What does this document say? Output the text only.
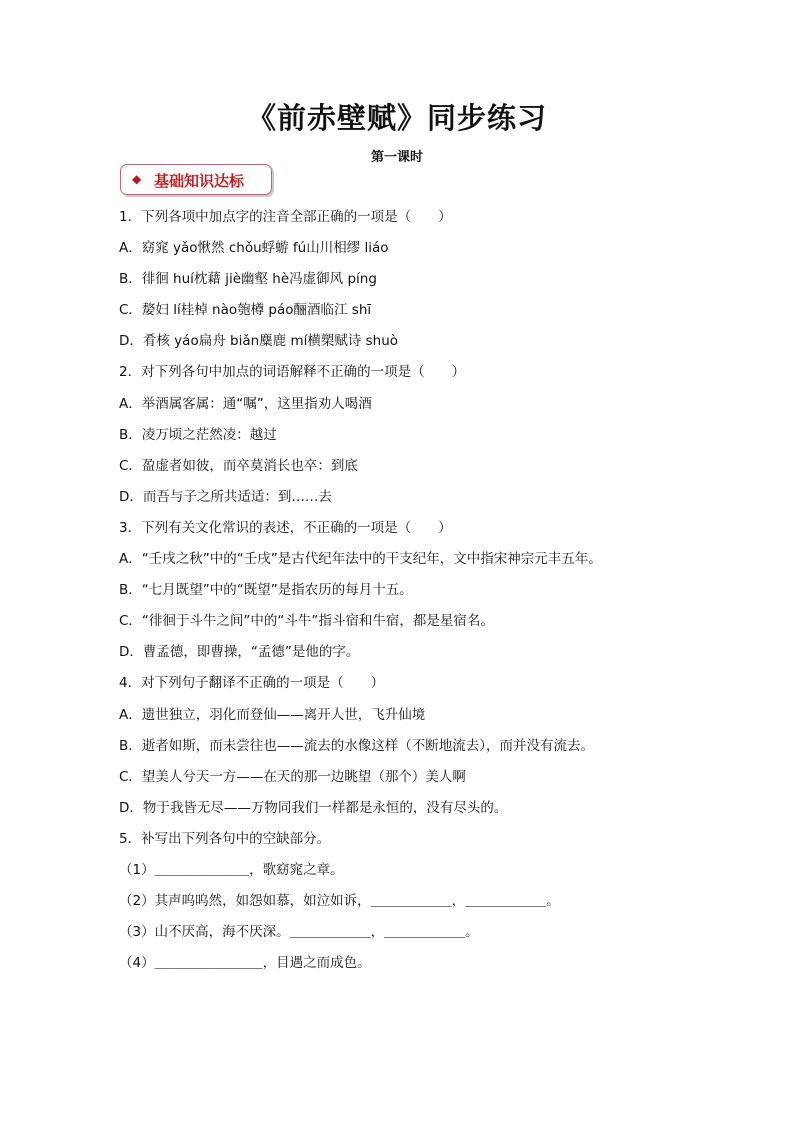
《前赤壁赋》同步练习
第一课时
◆ 基础知识达标
1．下列各项中加点字的注音全部正确的一项是（　　）
A．窈窕 yǎo愀然 chǒu蜉蝣 fú山川相缪 liáo
B．徘徊 huí枕藉 jiè幽壑 hè冯虚御风 píng
C．嫠妇 lí桂棹 nào匏樽 páo酾酒临江 shī
D．肴核 yáo扁舟 biǎn麋鹿 mí横槊赋诗 shuò
2．对下列各句中加点的词语解释不正确的一项是（　　）
A．举酒属客属：通“嘱”，这里指劝人喝酒
B．凌万顷之茫然凌：越过
C．盈虚者如彼，而卒莫消长也卒：到底
D．而吾与子之所共适适：到……去
3．下列有关文化常识的表述，不正确的一项是（　　）
A．“壬戌之秋”中的“壬戌”是古代纪年法中的干支纪年，文中指宋神宗元丰五年。
B．“七月既望”中的“既望”是指农历的每月十五。
C．“徘徊于斗牛之间”中的“斗牛”指斗宿和牛宿，都是星宿名。
D．曹孟德，即曹操，“孟德”是他的字。
4．对下列句子翻译不正确的一项是（　　）
A．遗世独立，羽化而登仙——离开人世，飞升仙境
B．逝者如斯，而未尝往也——流去的水像这样（不断地流去），而并没有流去。
C．望美人兮天一方——在天的那一边眺望（那个）美人啊
D．物于我皆无尽——万物同我们一样都是永恒的，没有尽头的。
5．补写出下列各句中的空缺部分。
（1）＿＿＿＿＿＿＿，歌窈窕之章。
（2）其声呜呜然，如怨如慕，如泣如诉，＿＿＿＿＿＿，＿＿＿＿＿＿。
（3）山不厌高，海不厌深。＿＿＿＿＿＿，＿＿＿＿＿＿。
（4）＿＿＿＿＿＿＿＿，目遇之而成色。
